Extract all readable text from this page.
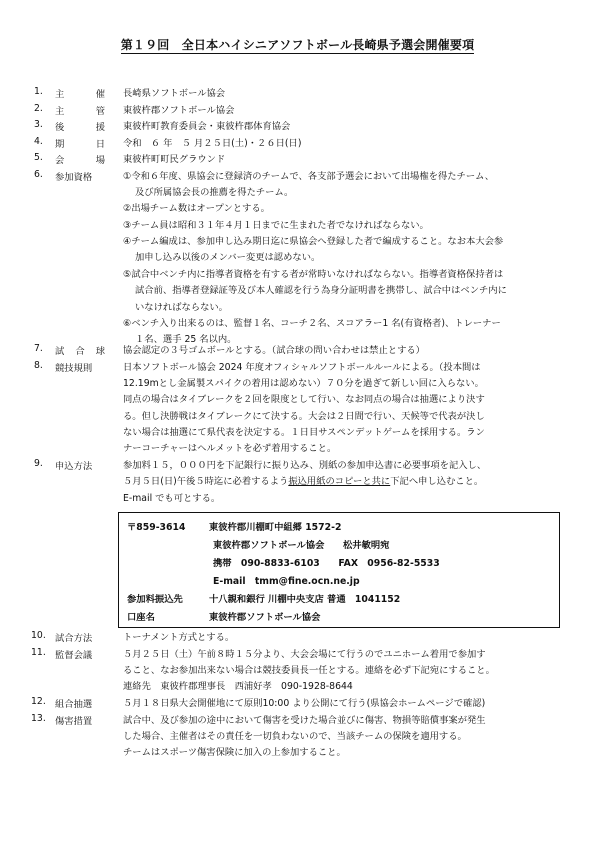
第１９回　全日本ハイシニアソフトボール長崎県予選会開催要項
1. 主	催 長崎県ソフトボール協会
2. 主	管 東彼杵郡ソフトボール協会
3. 後	援 東彼杵町教育委員会・東彼杵郡体育協会
4. 期	日 令和　６ 年　５ 月２５日(土)・２６日(日)
5. 会	場 東彼杵町町民グラウンド
6. 参加資格	①令和６年度、県協会に登録済のチームで、各支部予選会において出場権を得たチーム、
及び所属協会長の推薦を得たチーム。
②出場チーム数はオープンとする。
③チーム員は昭和３１年４月１日までに生まれた者でなければならない。
④チーム編成は、参加申し込み期日迄に県協会へ登録した者で編成すること。なお本大会参
加申し込み以後のメンバー変更は認めない。
⑤試合中ベンチ内に指導者資格を有する者が常時いなければならない。指導者資格保持者は
試合前、指導者登録証等及び本人確認を行う為身分証明書を携帯し、試合中はベンチ内に
いなければならない。
⑥ベンチ入り出来るのは、監督１名、コーチ２名、スコアラー1 名(有資格者)、トレーナー
１名、選手 25 名以内。
7. 試 合 球 協会認定の３号ゴムボールとする。（試合球の問い合わせは禁止とする）
8. 競技規則	日本ソフトボール協会 2024 年度オフィシャルソフトボールルールによる。（投本間は
12.19mとし金属製スパイクの着用は認めない）７０分を過ぎて新しい回に入らない。
同点の場合はタイブレークを２回を限度として行い、なお同点の場合は抽選により決す
る。但し決勝戦はタイブレークにて決する。大会は２日間で行い、天候等で代表が決し
ない場合は抽選にて県代表を決定する。１日目サスペンデットゲームを採用する。ラン
ナーコーチャーはヘルメットを必ず着用すること。
9. 申込方法	参加料１５，０００円を下記銀行に振り込み、別紙の参加申込書に必要事項を記入し、
５月５日(日)午後５時迄に必着するよう振込用紙のコピーと共に下記へ申し込むこと。
E-mail でも可とする。
〒859-3614	東彼杵郡川棚町中組郷 1572-2
東彼杵郡ソフトボール協会　　松井敏明宛
携帯　090-8833-6103　　FAX　0956-82-5533
E-mail　tmm@fine.ocn.ne.jp
参加料振込先	十八親和銀行 川棚中央支店 普通　1041152
口座名	東彼杵郡ソフトボール協会
10. 試合方法	トーナメント方式とする。
11. 監督会議	５月２５日（土）午前８時１５分より、大会会場にて行うのでユニホーム着用で参加す
ること、なお参加出来ない場合は競技委員長一任とする。連絡を必ず下記宛にすること。
連絡先　東彼杵郡理事長　西浦好孝　090-1928-8644
12. 組合抽選	５月１８日県大会開催地にて原則10:00 より公開にて行う(県協会ホームページで確認)
13. 傷害措置	試合中、及び参加の途中において傷害を受けた場合並びに傷害、物損等賠償事案が発生
した場合、主催者はその責任を一切負わないので、当該チームの保険を適用する。
チームはスポーツ傷害保険に加入の上参加すること。
